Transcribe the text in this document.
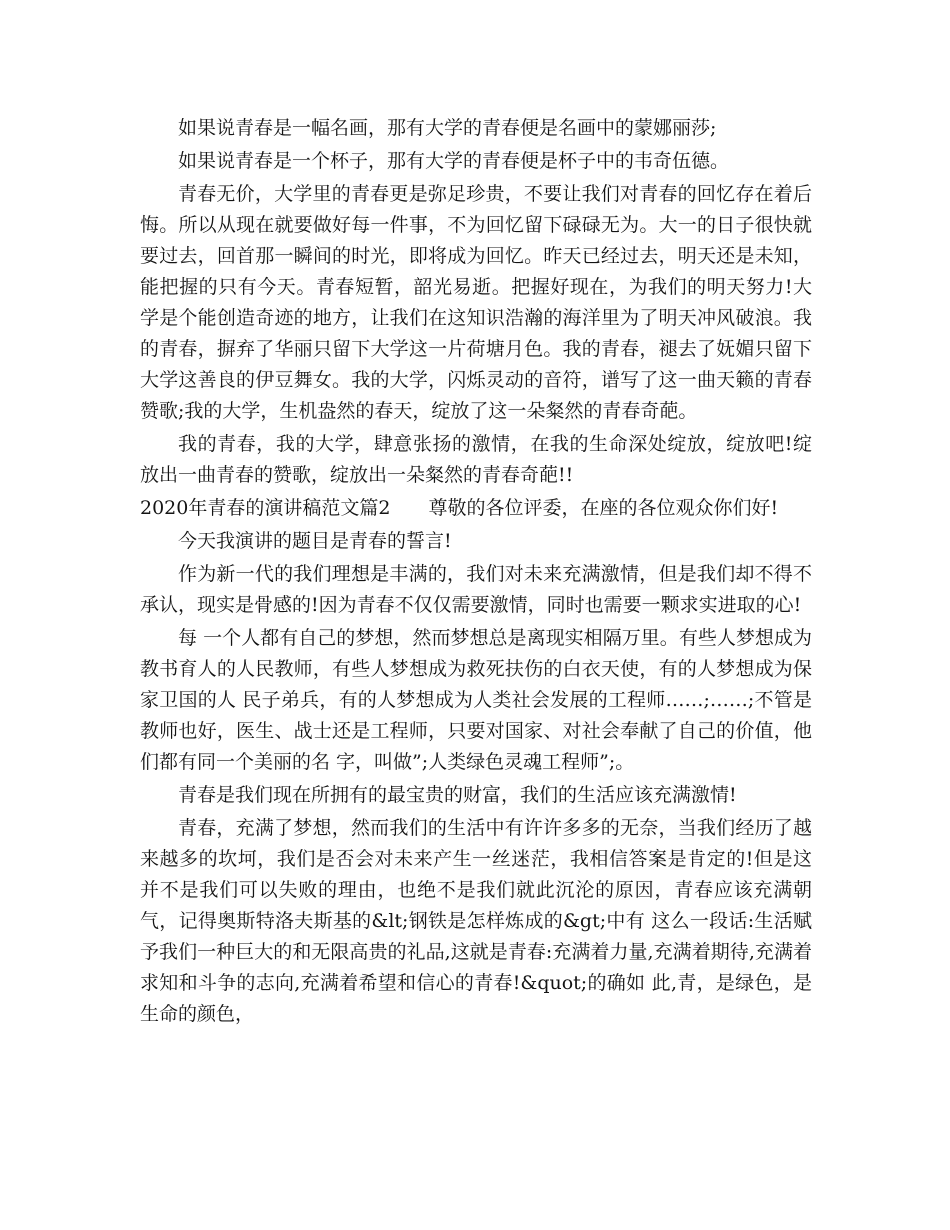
如果说青春是一幅名画，那有大学的青春便是名画中的蒙娜丽莎;

如果说青春是一个杯子，那有大学的青春便是杯子中的韦奇伍德。

青春无价，大学里的青春更是弥足珍贵，不要让我们对青春的回忆存在着后悔。所以从现在就要做好每一件事，不为回忆留下碌碌无为。大一的日子很快就要过去，回首那一瞬间的时光，即将成为回忆。昨天已经过去，明天还是未知，能把握的只有今天。青春短暂，韶光易逝。把握好现在，为我们的明天努力!大学是个能创造奇迹的地方，让我们在这知识浩瀚的海洋里为了明天冲风破浪。我的青春，摒弃了华丽只留下大学这一片荷塘月色。我的青春，褪去了妩媚只留下大学这善良的伊豆舞女。我的大学，闪烁灵动的音符，谱写了这一曲天籁的青春赞歌;我的大学，生机盎然的春天，绽放了这一朵粲然的青春奇葩。

我的青春，我的大学，肆意张扬的激情，在我的生命深处绽放，绽放吧!绽放出一曲青春的赞歌，绽放出一朵粲然的青春奇葩!!

2020年青春的演讲稿范文篇2 尊敬的各位评委，在座的各位观众你们好!

今天我演讲的题目是青春的誓言!

作为新一代的我们理想是丰满的，我们对未来充满激情，但是我们却不得不承认，现实是骨感的!因为青春不仅仅需要激情，同时也需要一颗求实进取的心!

每 一个人都有自己的梦想，然而梦想总是离现实相隔万里。有些人梦想成为教书育人的人民教师，有些人梦想成为救死扶伤的白衣天使，有的人梦想成为保家卫国的人 民子弟兵，有的人梦想成为人类社会发展的工程师……;……;不管是教师也好，医生、战士还是工程师，只要对国家、对社会奉献了自己的价值，他们都有同一个美丽的名 字，叫做”;人类绿色灵魂工程师”;。

青春是我们现在所拥有的最宝贵的财富，我们的生活应该充满激情!

青春，充满了梦想，然而我们的生活中有许许多多的无奈，当我们经历了越来越多的坎坷，我们是否会对未来产生一丝迷茫，我相信答案是肯定的!但是这并不是我们可以失败的理由，也绝不是我们就此沉沦的原因，青春应该充满朝气，记得奥斯特洛夫斯基的&lt;钢铁是怎样炼成的&gt;中有 这么一段话:生活赋予我们一种巨大的和无限高贵的礼品,这就是青春:充满着力量,充满着期待,充满着求知和斗争的志向,充满着希望和信心的青春!&quot;的确如 此,青，是绿色，是生命的颜色，
